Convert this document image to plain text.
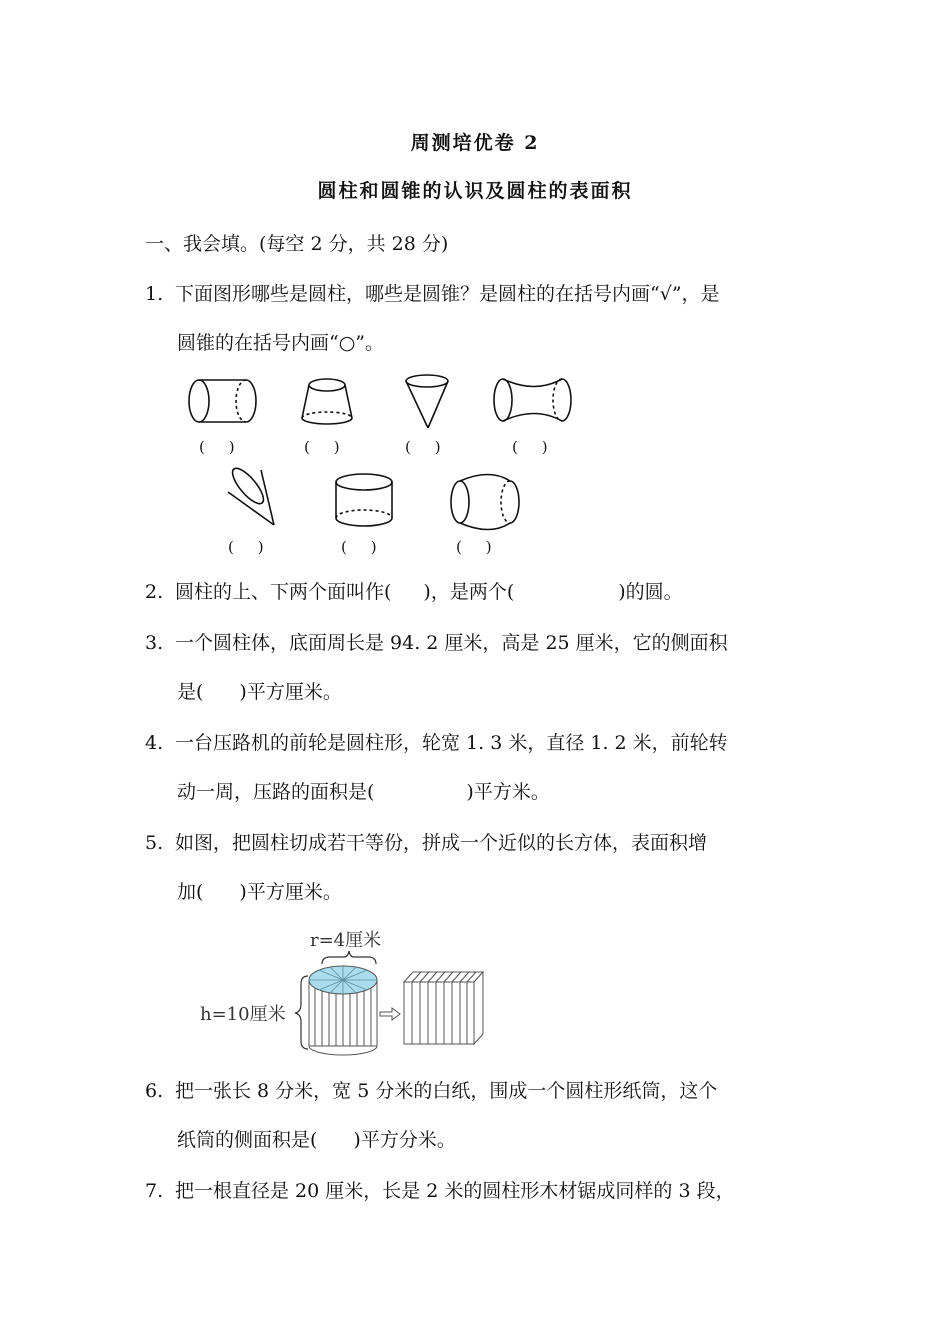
周测培优卷 2
圆柱和圆锥的认识及圆柱的表面积
一、我会填。(每空 2 分，共 28 分)
1. 下面图形哪些是圆柱，哪些是圆锥？是圆柱的在括号内画“√”，是
圆锥的在括号内画“○”。
(     )	(     )	(     )	(     )
(     )	(     )	(     )
2. 圆柱的上、下两个面叫作( )，是两个(	)的圆。
3. 一个圆柱体，底面周长是 94. 2 厘米，高是 25 厘米，它的侧面积
是( )平方厘米。
4. 一台压路机的前轮是圆柱形，轮宽 1. 3 米，直径 1. 2 米，前轮转
动一周，压路的面积是(	)平方米。
5. 如图，把圆柱切成若干等份，拼成一个近似的长方体，表面积增
加( )平方厘米。
r=4厘米
h=10厘米
6. 把一张长 8 分米，宽 5 分米的白纸，围成一个圆柱形纸筒，这个
纸筒的侧面积是( )平方分米。
7. 把一根直径是 20 厘米，长是 2 米的圆柱形木材锯成同样的 3 段，
